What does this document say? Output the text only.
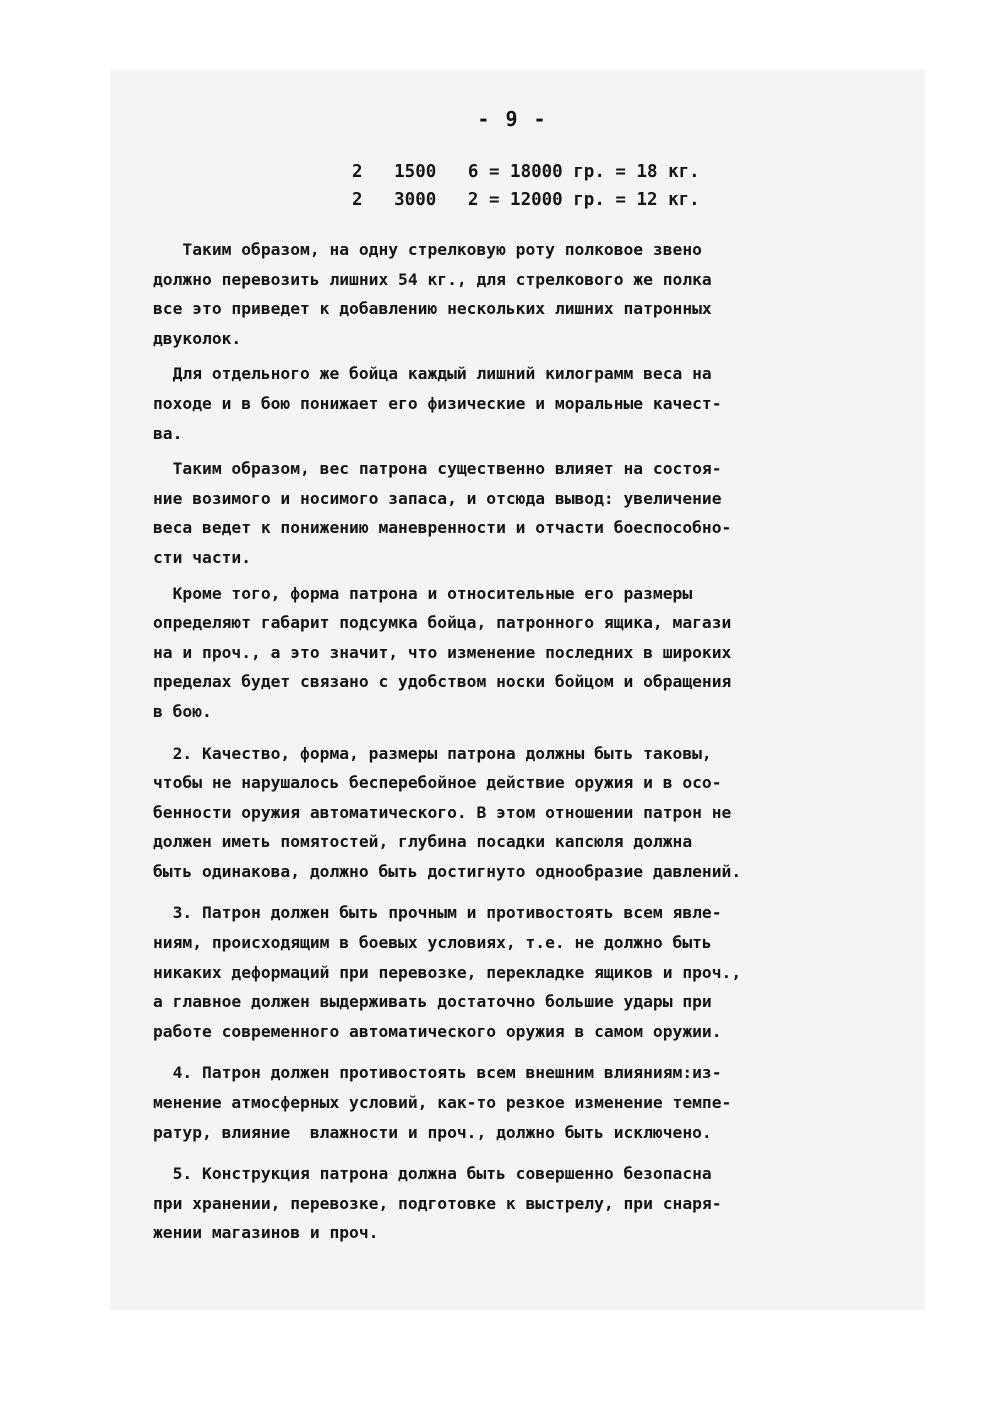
- 9 -
2   1500   6 = 18000 гр. = 18 кг.
2   3000   2 = 12000 гр. = 12 кг.
Таким образом, на одну стрелковую роту полковое звено
должно перевозить лишних 54 кг., для стрелкового же полка
все это приведет к добавлению нескольких лишних патронных
двуколок.
Для отдельного же бойца каждый лишний килограмм веса на
походе и в бою понижает его физические и моральные качест-
ва.
Таким образом, вес патрона существенно влияет на состоя-
ние возимого и носимого запаса, и отсюда вывод: увеличение
веса ведет к понижению маневренности и отчасти боеспособно-
сти части.
Кроме того, форма патрона и относительные его размеры
определяют габарит подсумка бойца, патронного ящика, магази
на и проч., а это значит, что изменение последних в широких
пределах будет связано с удобством носки бойцом и обращения
в бою.
2. Качество, форма, размеры патрона должны быть таковы,
чтобы не нарушалось бесперебойное действие оружия и в осо-
бенности оружия автоматического. В этом отношении патрон не
должен иметь помятостей, глубина посадки капсюля должна
быть одинакова, должно быть достигнуто однообразие давлений.
3. Патрон должен быть прочным и противостоять всем явле-
ниям, происходящим в боевых условиях, т.е. не должно быть
никаких деформаций при перевозке, перекладке ящиков и проч.,
а главное должен выдерживать достаточно большие удары при
работе современного автоматического оружия в самом оружии.
4. Патрон должен противостоять всем внешним влияниям:из-
менение атмосферных условий, как-то резкое изменение темпе-
ратур, влияние  влажности и проч., должно быть исключено.
5. Конструкция патрона должна быть совершенно безопасна
при хранении, перевозке, подготовке к выстрелу, при снаря-
жении магазинов и проч.
